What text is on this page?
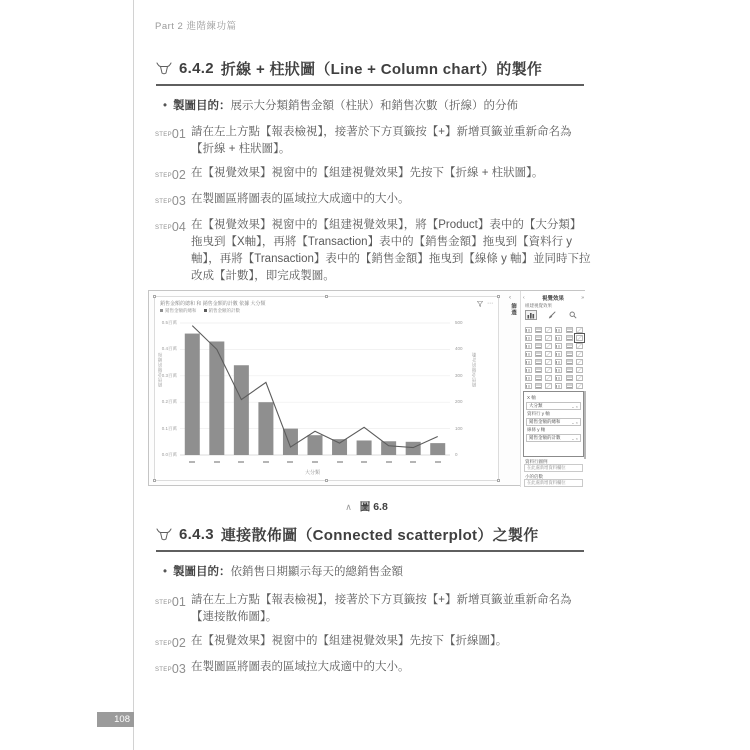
Part 2 進階練功篇
6.4.2 折線 + 柱狀圖（Line + Column chart）的製作
• 製圖目的：展示大分類銷售金額（柱狀）和銷售次數（折線）的分佈
STEP01 請在左上方點【報表檢視】，接著於下方頁籤按【+】新增頁籤並重新命名為【折線 + 柱狀圖】。
STEP02 在【視覺效果】視窗中的【組建視覺效果】先按下【折線 + 柱狀圖】。
STEP03 在製圖區將圖表的區域拉大成適中的大小。
STEP04 在【視覺效果】視窗中的【組建視覺效果】，將【Product】表中的【大分類】拖曳到【X軸】，再將【Transaction】表中的【銷售金額】拖曳到【資料行 y 軸】，再將【Transaction】表中的【銷售金額】拖曳到【線條 y 軸】並同時下拉改成【計數】，即完成製圖。
銷售金額的總和 和 銷售金額的計數 依據 大分類	⋯
銷售金額的總和	銷售金額的計數
銷售金額的總和	銷售金額的計數
0.5百萬
0.4百萬
0.3百萬
0.2百萬
0.1百萬
0.0百萬
500
400
300
200
100
0
大分類
‹
篩選
‹	視覺效果	»
組建視覺效果
X 軸
大分類	⌄ ×
資料行 y 軸
銷售金額的總和	⌄ ×
線條 y 軸
銷售金額的計數	⌄ ×
資料行圖例
在此處新增資料欄位
小的倍數
在此處新增資料欄位
∧ 圖 6.8
6.4.3 連接散佈圖（Connected scatterplot）之製作
• 製圖目的：依銷售日期顯示每天的總銷售金額
STEP01 請在左上方點【報表檢視】，接著於下方頁籤按【+】新增頁籤並重新命名為【連接散佈圖】。
STEP02 在【視覺效果】視窗中的【組建視覺效果】先按下【折線圖】。
STEP03 在製圖區將圖表的區域拉大成適中的大小。
108
